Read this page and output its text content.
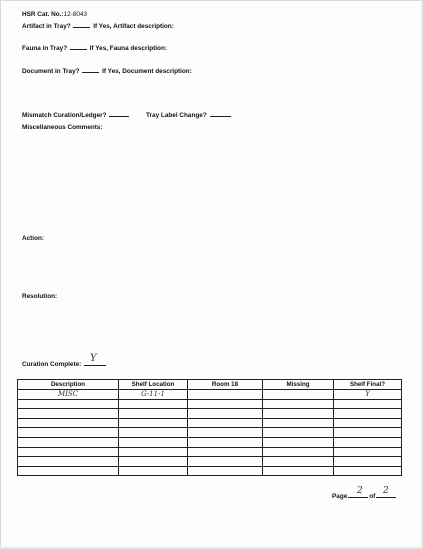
HSR Cat. No.:12-8043
Artifact in Tray?	If Yes, Artifact description:
Fauna in Tray?	If Yes, Fauna description:
Document in Tray?	If Yes, Document description:
Mismatch Curation/Ledger?	Tray Label Change?
Miscellaneous Comments:
Action:
Resolution:
Curation Complete:
Y
Description	Shelf Location	Room 18	Missing	Shelf Final?
MISC	G-11-1			Y

Page	of
2 2
